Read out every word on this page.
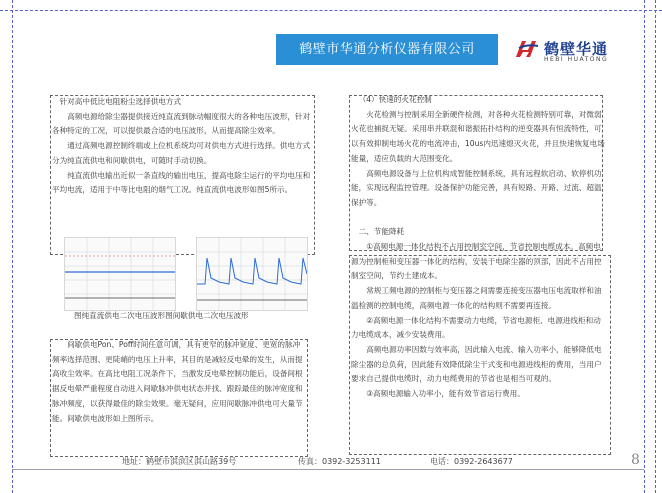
鹤壁市华通分析仪器有限公司	鹤壁华通
HEBI HUATONG

针对高中低比电阻粉尘选择供电方式

高频电源给除尘器提供接近纯直流到脉动幅度很大的各种电压波形，针对各种特定的工况，可以提供最合适的电压波形，从而提高除尘效率。

通过高频电源控制终端或上位机系统均可对供电方式进行选择。供电方式分为纯直流供电和间歇供电，可随时手动切换。

纯直流供电输出近似一条直线的输出电压，提高电除尘运行的平均电压和平均电流，适用于中等比电阻的烟气工况。纯直流供电波形如图5所示。

图纯直流供电二次电压波形图间歇供电二次电压波形

间歇供电Pon、Poff时间任意可调，具有更窄的脉冲宽度、更宽的脉冲频率选择范围、更陡峭的电压上升率，其目的是减轻反电晕的发生，从而提高收尘效率。在高比电阻工况条件下，当激发反电晕控制功能后，设备间根据反电晕严重程度自动进入间歇脉冲供电状态并找、跟踪最佳的脉冲宽度和脉冲频度，以获得最佳的除尘效果。毫无疑问，应用间歇脉冲供电可大量节能。间歇供电波形如上图所示。

（4）快速的火花控制

火花检测与控制采用全新硬件检测，对各种火花检测特别可靠，对微弱火花也捕捉无疑。采用串并联混和谐振拓扑结构的逆变器具有恒流特性，可以有效抑制电场火花的电流冲击，10us内迅速熄灭火花，并且快速恢复电场能量，适应负载的大范围变化。

高频电源设备与上位机构成智能控制系统，具有远程软启动、软停机功能，实现远程监控管理。设备保护功能完善，具有短路、开路、过流、超温保护等。

二、节能降耗

①高频电源一体化结构不占用控制室空间，节省控制电缆成本。高频电源为控制柜和变压器一体化的结构，安装于电除尘器的顶部，因此不占用控制室空间，节约土建成本。

常规工频电源的控制柜与变压器之间需要连接变压器电压电流取样和油温检测的控制电缆，高频电源一体化的结构则不需要再连接。

②高频电源一体化结构不需要动力电缆，节省电源柜、电源进线柜和动力电缆成本，减少安装费用。

高频电源功率因数与效率高，因此输入电流、输入功率小，能够降低电除尘器的总负荷，因此能有效降低除尘干式变和电源进线柜的费用，当用户要求自己提供电缆时，动力电缆费用的节省也是相当可观的。

③高频电源输入功率小，能有效节省运行费用。

地址：鹤壁市淇滨区淇山路39号	传真：0392-3253111	电话：0392-2643677	8
